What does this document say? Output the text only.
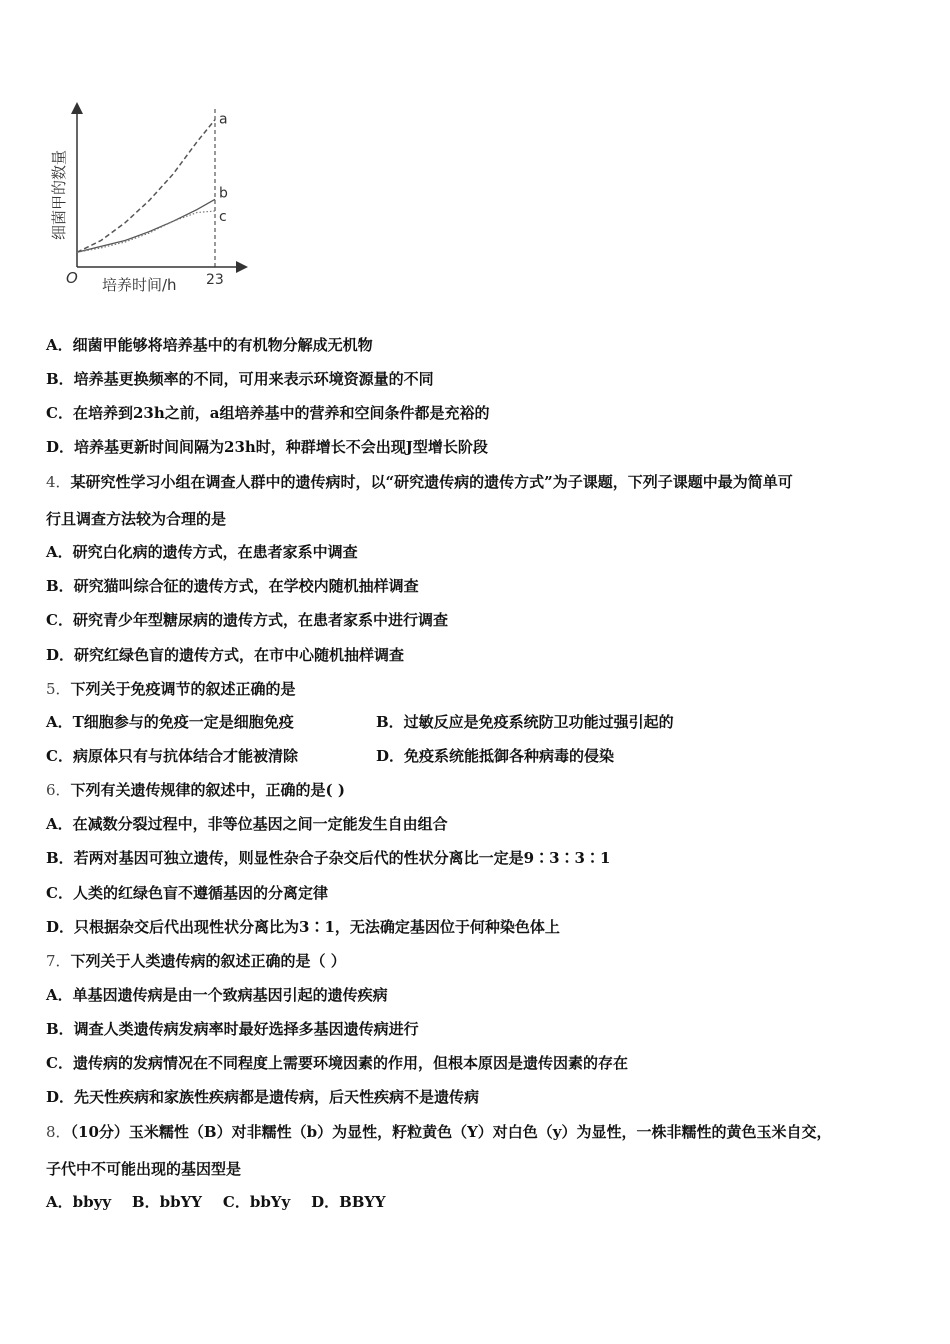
a
b
c
O	23
培养时间/h
细菌甲的数量
A．细菌甲能够将培养基中的有机物分解成无机物
B．培养基更换频率的不同，可用来表示环境资源量的不同
C．在培养到23h之前，a组培养基中的营养和空间条件都是充裕的
D．培养基更新时间间隔为23h时，种群增长不会出现J型增长阶段
4．某研究性学习小组在调查人群中的遗传病时，以“研究遗传病的遗传方式”为子课题，下列子课题中最为简单可
行且调查方法较为合理的是
A．研究白化病的遗传方式，在患者家系中调查
B．研究猫叫综合征的遗传方式，在学校内随机抽样调查
C．研究青少年型糖尿病的遗传方式，在患者家系中进行调查
D．研究红绿色盲的遗传方式，在市中心随机抽样调查
5．下列关于免疫调节的叙述正确的是
A．T细胞参与的免疫一定是细胞免疫	B．过敏反应是免疫系统防卫功能过强引起的
C．病原体只有与抗体结合才能被清除	D．免疫系统能抵御各种病毒的侵染
6．下列有关遗传规律的叙述中，正确的是( )
A．在减数分裂过程中，非等位基因之间一定能发生自由组合
B．若两对基因可独立遗传，则显性杂合子杂交后代的性状分离比一定是9∶3∶3∶1
C．人类的红绿色盲不遵循基因的分离定律
D．只根据杂交后代出现性状分离比为3∶1，无法确定基因位于何种染色体上
7．下列关于人类遗传病的叙述正确的是（ ）
A．单基因遗传病是由一个致病基因引起的遗传疾病
B．调查人类遗传病发病率时最好选择多基因遗传病进行
C．遗传病的发病情况在不同程度上需要环境因素的作用，但根本原因是遗传因素的存在
D．先天性疾病和家族性疾病都是遗传病，后天性疾病不是遗传病
8．（10分）玉米糯性（B）对非糯性（b）为显性，籽粒黄色（Y）对白色（y）为显性，一株非糯性的黄色玉米自交，
子代中不可能出现的基因型是
A．bbyy    B．bbYY    C．bbYy    D．BBYY
